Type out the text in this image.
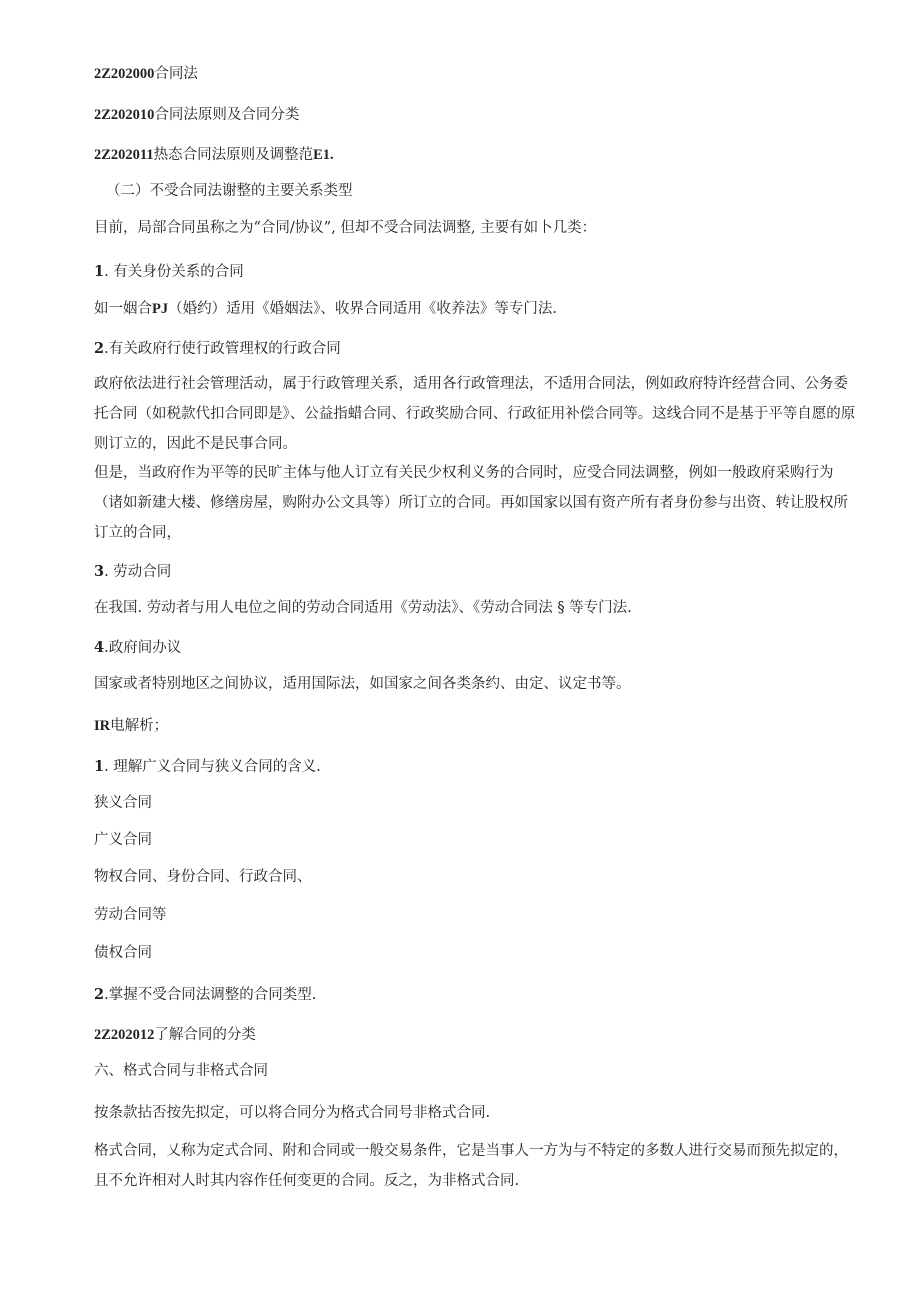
2Z202000合同法
2Z202010合同法原则及合同分类
2Z202011热态合同法原则及调整范E1.
（二）不受合同法谢整的主要关系类型
目前，局部合同虽称之为“合同/协议”, 但却不受合同法调整, 主要有如卜几类：
1. 有关身份关系的合同
如一姻合PJ（婚约）适用《婚姻法》、收界合同适用《收养法》等专门法.
2.有关政府行使行政管理权的行政合同
政府依法进行社会管理活动，属于行政管理关系，适用各行政管理法，不适用合同法，例如政府特许经营合同、公务委托合同（如税款代扣合同即是》、公益指蜡合同、行政奖励合同、行政征用补偿合同等。这线合同不是基于平等自愿的原则订立的，因此不是民事合同。
但是，当政府作为平等的民旷主体与他人订立有关民少权利义务的合同时，应受合同法调整，例如一般政府采购行为（诸如新建大楼、修缮房屋，购附办公文具等）所订立的合同。再如国家以国有资产所有者身份参与出资、转让股权所订立的合同，
3. 劳动合同
在我国. 劳动者与用人电位之间的劳动合同适用《劳动法》、《劳动合同法 § 等专门法.
4.政府间办议
国家或者特别地区之间协议，适用国际法，如国家之间各类条约、由定、议定书等。
IR电解析；
1. 理解广义合同与狭义合同的含义.
狭义合同
广义合同
物权合同、身份合同、行政合同、
劳动合同等
债权合同
2.掌握不受合同法调整的合同类型.
2Z202012了解合同的分类
六、格式合同与非格式合同
按条款拈否按先拟定，可以将合同分为格式合同号非格式合同.
格式合同，乂称为定式合同、附和合同或一般交易条件，它是当事人一方为与不特定的多数人进行交易而预先拟定的，且不允许相对人时其内容作任何变更的合同。反之，为非格式合同.
